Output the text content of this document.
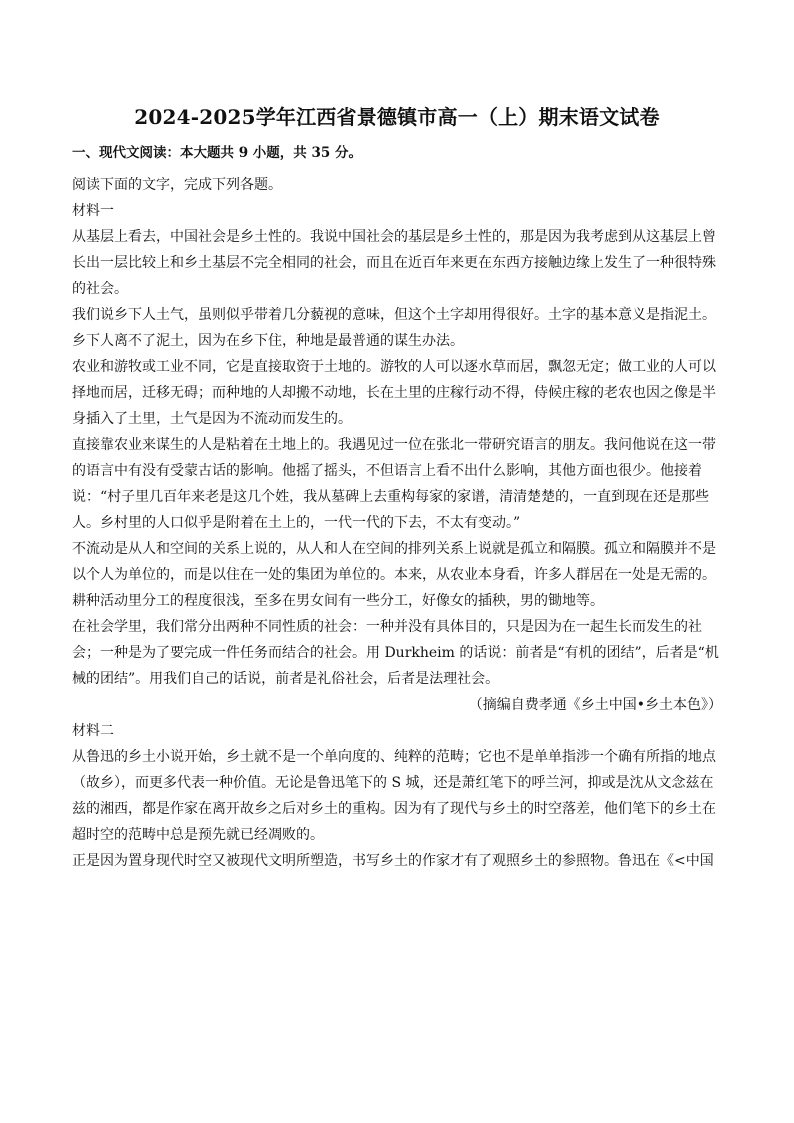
2024-2025学年江西省景德镇市高一（上）期末语文试卷

一、现代文阅读：本大题共 9 小题，共 35 分。

阅读下面的文字，完成下列各题。

材料一

从基层上看去，中国社会是乡土性的。我说中国社会的基层是乡土性的，那是因为我考虑到从这基层上曾长出一层比较上和乡土基层不完全相同的社会，而且在近百年来更在东西方接触边缘上发生了一种很特殊的社会。

我们说乡下人土气，虽则似乎带着几分藐视的意味，但这个土字却用得很好。土字的基本意义是指泥土。乡下人离不了泥土，因为在乡下住，种地是最普通的谋生办法。

农业和游牧或工业不同，它是直接取资于土地的。游牧的人可以逐水草而居，飘忽无定；做工业的人可以择地而居，迁移无碍；而种地的人却搬不动地，长在土里的庄稼行动不得，侍候庄稼的老农也因之像是半身插入了土里，土气是因为不流动而发生的。

直接靠农业来谋生的人是粘着在土地上的。我遇见过一位在张北一带研究语言的朋友。我问他说在这一带的语言中有没有受蒙古话的影响。他摇了摇头，不但语言上看不出什么影响，其他方面也很少。他接着说：“村子里几百年来老是这几个姓，我从墓碑上去重构每家的家谱，清清楚楚的，一直到现在还是那些人。乡村里的人口似乎是附着在土上的，一代一代的下去，不太有变动。”

不流动是从人和空间的关系上说的，从人和人在空间的排列关系上说就是孤立和隔膜。孤立和隔膜并不是以个人为单位的，而是以住在一处的集团为单位的。本来，从农业本身看，许多人群居在一处是无需的。耕种活动里分工的程度很浅，至多在男女间有一些分工，好像女的插秧，男的锄地等。

在社会学里，我们常分出两种不同性质的社会：一种并没有具体目的，只是因为在一起生长而发生的社会；一种是为了要完成一件任务而结合的社会。用 Durkheim 的话说：前者是“有机的团结”，后者是“机械的团结”。用我们自己的话说，前者是礼俗社会，后者是法理社会。

（摘编自费孝通《乡土中国•乡土本色》）

材料二

从鲁迅的乡土小说开始，乡土就不是一个单向度的、纯粹的范畴；它也不是单单指涉一个确有所指的地点（故乡），而更多代表一种价值。无论是鲁迅笔下的 S 城，还是萧红笔下的呼兰河，抑或是沈从文念兹在兹的湘西，都是作家在离开故乡之后对乡土的重构。因为有了现代与乡土的时空落差，他们笔下的乡土在超时空的范畴中总是预先就已经凋败的。

正是因为置身现代时空又被现代文明所塑造，书写乡土的作家才有了观照乡土的参照物。鲁迅在《<中国
